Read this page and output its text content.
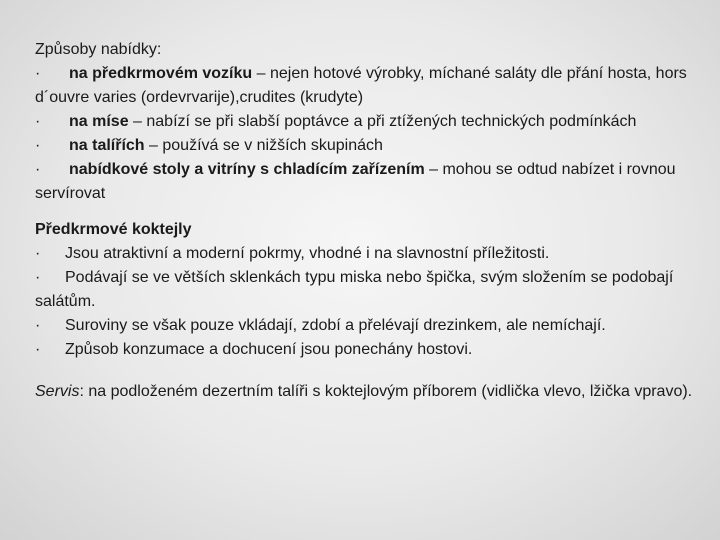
Způsoby nabídky:

· na předkrmovém vozíku – nejen hotové výrobky, míchané saláty dle přání hosta, hors d´ouvre varies (ordevrvarije),crudites (krudyte)

· na míse – nabízí se při slabší poptávce a při ztížených technických podmínkách

· na talířích – používá se v nižších skupinách

· nabídkové stoly a vitríny s chladícím zařízením – mohou se odtud nabízet i rovnou servírovat

Předkrmové koktejly

· Jsou atraktivní a moderní pokrmy, vhodné i na slavnostní příležitosti.

· Podávají se ve větších sklenkách typu miska nebo špička, svým složením se podobají salátům.

· Suroviny se však pouze vkládají, zdobí a přelévají drezinkem, ale nemíchají.

· Způsob konzumace a dochucení jsou ponechány hostovi.

Servis: na podloženém dezertním talíři s koktejlovým příborem (vidlička vlevo, lžička vpravo).
